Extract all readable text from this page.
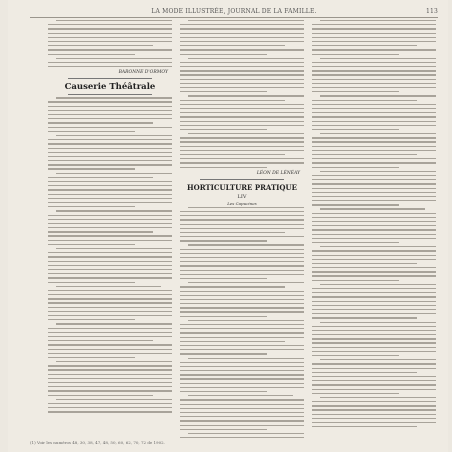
LA MODE ILLUSTRÉE, JOURNAL DE LA FAMILLE.	113
BARONNE D'ORMOY
Causerie Théâtrale
LÉON DE LÉNÉAY
HORTICULTURE PRATIQUE
LIV
Les Capucines
(1) Voir les numéros 48, 30, 38, 47, 48, 50, 60, 62, 70, 72 de 1902.
